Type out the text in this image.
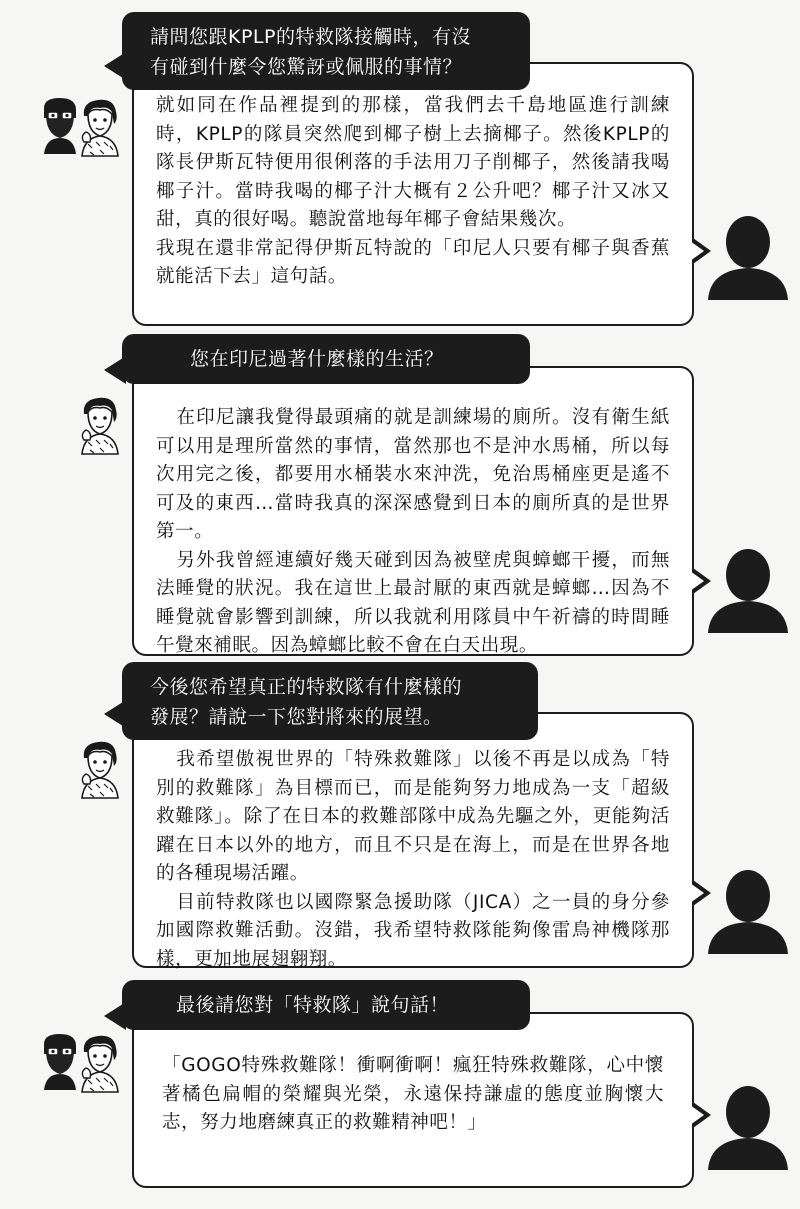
請問您跟KPLP的特救隊接觸時，有沒
有碰到什麼令您驚訝或佩服的事情？

就如同在作品裡提到的那樣，當我們去千島地區進行訓練時，KPLP的隊員突然爬到椰子樹上去摘椰子。然後KPLP的隊長伊斯瓦特便用很俐落的手法用刀子削椰子，然後請我喝椰子汁。當時我喝的椰子汁大概有２公升吧？椰子汁又冰又甜，真的很好喝。聽說當地每年椰子會結果幾次。

我現在還非常記得伊斯瓦特說的「印尼人只要有椰子與香蕉就能活下去」這句話。

您在印尼過著什麼樣的生活？

在印尼讓我覺得最頭痛的就是訓練場的廁所。沒有衛生紙可以用是理所當然的事情，當然那也不是沖水馬桶，所以每次用完之後，都要用水桶裝水來沖洗，免治馬桶座更是遙不可及的東西…當時我真的深深感覺到日本的廁所真的是世界第一。

另外我曾經連續好幾天碰到因為被壁虎與蟑螂干擾，而無法睡覺的狀況。我在這世上最討厭的東西就是蟑螂…因為不睡覺就會影響到訓練，所以我就利用隊員中午祈禱的時間睡午覺來補眠。因為蟑螂比較不會在白天出現。

今後您希望真正的特救隊有什麼樣的
發展？請說一下您對將來的展望。

我希望傲視世界的「特殊救難隊」以後不再是以成為「特別的救難隊」為目標而已，而是能夠努力地成為一支「超級救難隊」。除了在日本的救難部隊中成為先驅之外，更能夠活躍在日本以外的地方，而且不只是在海上，而是在世界各地的各種現場活躍。

目前特救隊也以國際緊急援助隊（JICA）之一員的身分參加國際救難活動。沒錯，我希望特救隊能夠像雷鳥神機隊那樣，更加地展翅翱翔。

最後請您對「特救隊」說句話！

「GOGO特殊救難隊！衝啊衝啊！瘋狂特殊救難隊，心中懷著橘色扁帽的榮耀與光榮，永遠保持謙虛的態度並胸懷大志，努力地磨練真正的救難精神吧！」
